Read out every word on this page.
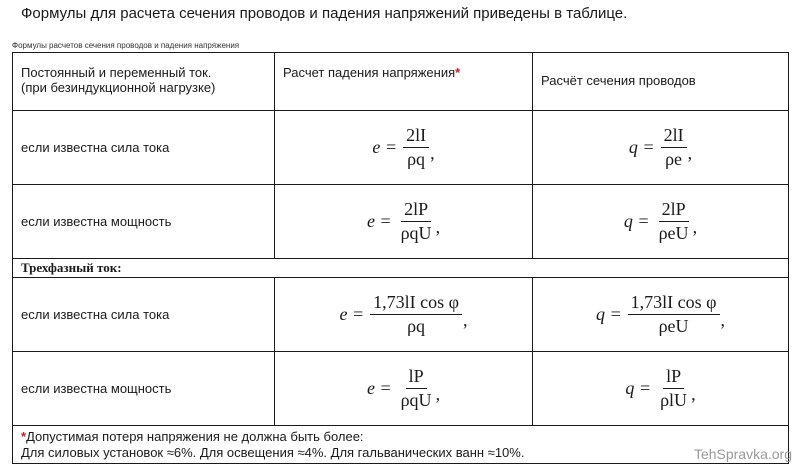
Формулы для расчета сечения проводов и падения напряжений приведены в таблице.
Формулы расчетов сечения проводов и падения напряжения
Постоянный и переменный ток.
(при безиндукционной нагрузке)	Расчет падения напряжения*	Расчёт сечения проводов
если известна сила тока	$e = \frac{2lI}{\rho q}$ ,	$q = \frac{2lI}{\rho e}$ ,

если известна мощность	$e = \frac{2lP}{\text{ρqU}}$ ,	$q = \frac{2lP}{\text{ρeU}}$ ,

Трехфазный ток:		
если известна сила тока	$e = \frac{\text{1,73lI cos φ}}{\rho q}$ ,	$q = \frac{\text{1,73lI cos φ}}{\text{ρeU}}$ ,

если известна мощность	$e = \frac{lP}{\text{ρqU}}$ ,	$q = \frac{lP}{\text{ρlU}}$ ,

*Допустимая потеря напряжения не должна быть более:
Для силовых установок ≈6%. Для освещения ≈4%. Для гальванических ванн ≈10%.			TehSpravka.org
